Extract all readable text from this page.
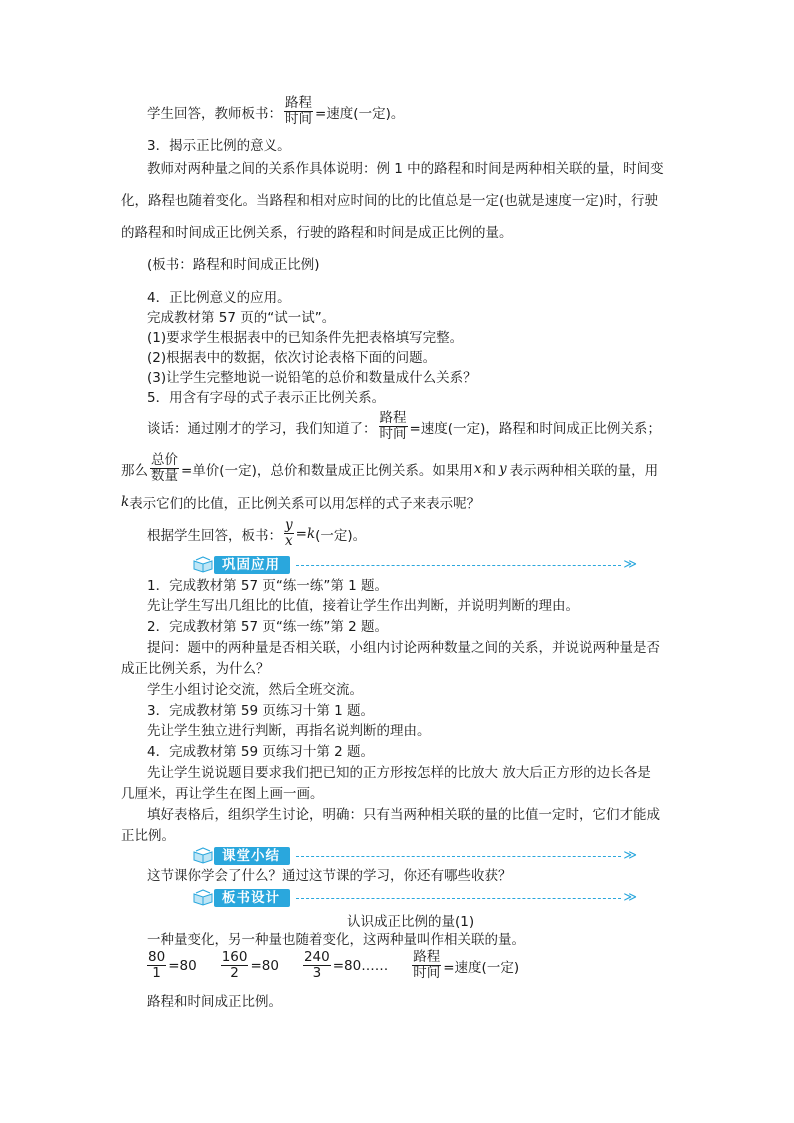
学生回答，教师板书： $\frac{\text{路程}}{\text{时间}}$ =速度(一定)。
3．揭示正比例的意义。
教师对两种量之间的关系作具体说明：例 1 中的路程和时间是两种相关联的量，时间变
化，路程也随着变化。当路程和相对应时间的比的比值总是一定(也就是速度一定)时，行驶
的路程和时间成正比例关系，行驶的路程和时间是成正比例的量。
(板书：路程和时间成正比例)
4．正比例意义的应用。
完成教材第 57 页的“试一试”。
(1)要求学生根据表中的已知条件先把表格填写完整。
(2)根据表中的数据，依次讨论表格下面的问题。
(3)让学生完整地说一说铅笔的总价和数量成什么关系？
5．用含有字母的式子表示正比例关系。
谈话：通过刚才的学习，我们知道了： $\frac{\text{路程}}{\text{时间}}$ =速度(一定)，路程和时间成正比例关系；
那么 $\frac{\text{总价}}{\text{数量}}$ =单价(一定)，总价和数量成正比例关系。如果用 x 和 y 表示两种相关联的量，用
k 表示它们的比值，正比例关系可以用怎样的式子来表示呢？
根据学生回答，板书： $\frac{y}{x} = k$ (一定)。
巩固应用	≫
1．完成教材第 57 页“练一练”第 1 题。
先让学生写出几组比的比值，接着让学生作出判断，并说明判断的理由。
2．完成教材第 57 页“练一练”第 2 题。
提问：题中的两种量是否相关联，小组内讨论两种数量之间的关系，并说说两种量是否
成正比例关系，为什么？
学生小组讨论交流，然后全班交流。
3．完成教材第 59 页练习十第 1 题。
先让学生独立进行判断，再指名说判断的理由。
4．完成教材第 59 页练习十第 2 题。
先让学生说说题目要求我们把已知的正方形按怎样的比放大 放大后正方形的边长各是
几厘米，再让学生在图上画一画。
填好表格后，组织学生讨论，明确：只有当两种相关联的量的比值一定时，它们才能成
正比例。
课堂小结	≫
这节课你学会了什么？通过这节课的学习，你还有哪些收获？
板书设计	≫
认识成正比例的量(1)
一种量变化，另一种量也随着变化，这两种量叫作相关联的量。
$\frac{80}{1} =80 \frac{160}{2} =80 \frac{240}{3}$ =80…… $\frac{\text{路程}}{\text{时间}}$ =速度(一定)
路程和时间成正比例。
